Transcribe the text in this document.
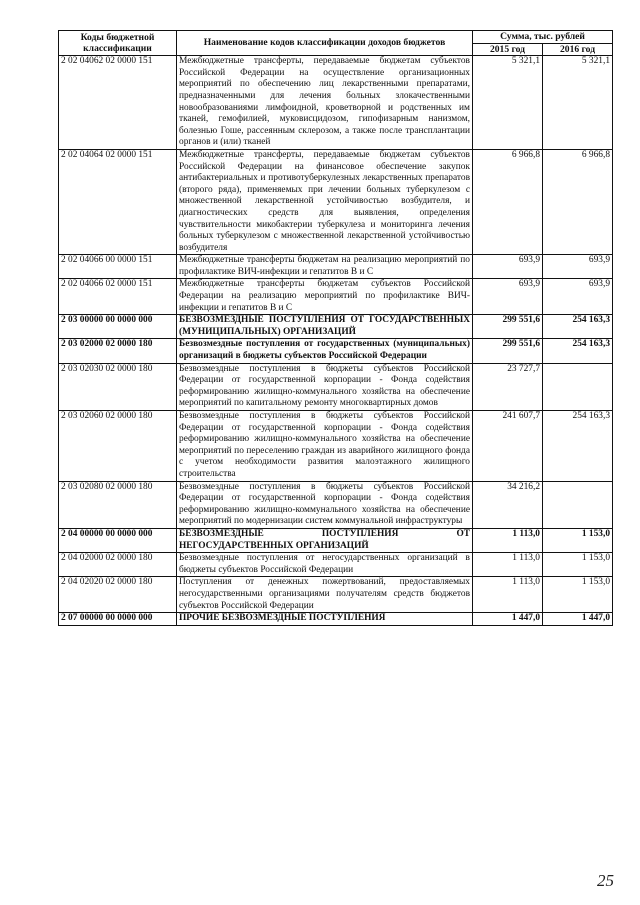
Коды бюджетной классификации	Наименование кодов классификации доходов бюджетов	Сумма, тыс. рублей	
		2015 год	2016 год
2 02 04062 02 0000 151	Межбюджетные трансферты, передаваемые бюджетам субъектов Российской Федерации на осуществление организационных мероприятий по обеспечению лиц лекарственными препаратами, предназначенными для лечения больных злокачественными новообразованиями лимфоидной, кроветворной и родственных им тканей, гемофилией, муковисцидозом, гипофизарным нанизмом, болезнью Гоше, рассеянным склерозом, а также после трансплантации органов и (или) тканей	5 321,1	5 321,1
2 02 04064 02 0000 151	Межбюджетные трансферты, передаваемые бюджетам субъектов Российской Федерации на финансовое обеспечение закупок антибактериальных и противотуберкулезных лекарственных препаратов (второго ряда), применяемых при лечении больных туберкулезом с множественной лекарственной устойчивостью возбудителя, и диагностических средств для выявления, определения чувствительности микобактерии туберкулеза и мониторинга лечения больных туберкулезом с множественной лекарственной устойчивостью возбудителя	6 966,8	6 966,8
2 02 04066 00 0000 151	Межбюджетные трансферты бюджетам на реализацию мероприятий по профилактике ВИЧ-инфекции и гепатитов В и С	693,9	693,9
2 02 04066 02 0000 151	Межбюджетные трансферты бюджетам субъектов Российской Федерации на реализацию мероприятий по профилактике ВИЧ-инфекции и гепатитов В и С	693,9	693,9
2 03 00000 00 0000 000	БЕЗВОЗМЕЗДНЫЕ ПОСТУПЛЕНИЯ ОТ ГОСУДАРСТВЕННЫХ (МУНИЦИПАЛЬНЫХ) ОРГАНИЗАЦИЙ	299 551,6	254 163,3
2 03 02000 02 0000 180	Безвозмездные поступления от государственных (муниципальных) организаций в бюджеты субъектов Российской Федерации	299 551,6	254 163,3
2 03 02030 02 0000 180	Безвозмездные поступления в бюджеты субъектов Российской Федерации от государственной корпорации - Фонда содействия реформированию жилищно-коммунального хозяйства на обеспечение мероприятий по капитальному ремонту многоквартирных домов	23 727,7	
2 03 02060 02 0000 180	Безвозмездные поступления в бюджеты субъектов Российской Федерации от государственной корпорации - Фонда содействия реформированию жилищно-коммунального хозяйства на обеспечение мероприятий по переселению граждан из аварийного жилищного фонда с учетом необходимости развития малоэтажного жилищного строительства	241 607,7	254 163,3
2 03 02080 02 0000 180	Безвозмездные поступления в бюджеты субъектов Российской Федерации от государственной корпорации - Фонда содействия реформированию жилищно-коммунального хозяйства на обеспечение мероприятий по модернизации систем коммунальной инфраструктуры	34 216,2	
2 04 00000 00 0000 000	БЕЗВОЗМЕЗДНЫЕ ПОСТУПЛЕНИЯ ОТ НЕГОСУДАРСТВЕННЫХ ОРГАНИЗАЦИЙ	1 113,0	1 153,0
2 04 02000 02 0000 180	Безвозмездные поступления от негосударственных организаций в бюджеты субъектов Российской Федерации	1 113,0	1 153,0
2 04 02020 02 0000 180	Поступления от денежных пожертвований, предоставляемых негосударственными организациями получателям средств бюджетов субъектов Российской Федерации	1 113,0	1 153,0
2 07 00000 00 0000 000	ПРОЧИЕ БЕЗВОЗМЕЗДНЫЕ ПОСТУПЛЕНИЯ	1 447,0	1 447,0
25
